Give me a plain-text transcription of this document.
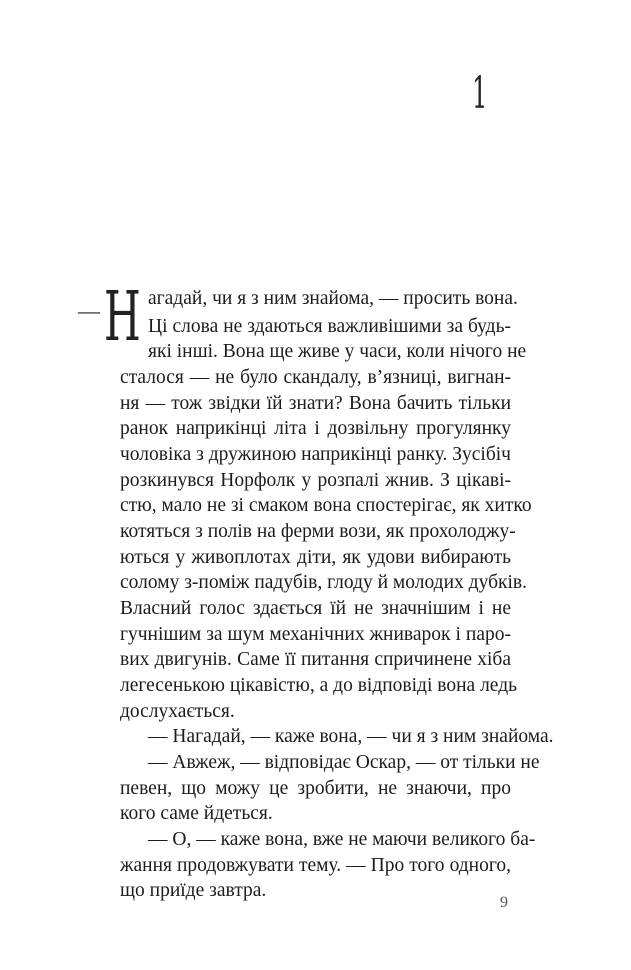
1
— Н агадай, чи я з ним знайома, — просить вона.
Ці слова не здаються важливішими за будь-
які інші. Вона ще живе у часи, коли нічого не
сталося — не було скандалу, в’язниці, вигнан-
ня — тож звідки їй знати? Вона бачить тільки
ранок наприкінці літа і дозвільну прогулянку
чоловіка з дружиною наприкінці ранку. Зусібіч
розкинувся Норфолк у розпалі жнив. З цікаві-
стю, мало не зі смаком вона спостерігає, як хитко
котяться з полів на ферми вози, як прохолоджу-
ються у живоплотах діти, як удови вибирають
солому з-поміж падубів, глоду й молодих дубків.
Власний голос здається їй не значнішим і не
гучнішим за шум механічних жниварок і паро-
вих двигунів. Саме її питання спричинене хіба
легесенькою цікавістю, а до відповіді вона ледь
дослухається.
— Нагадай, — каже вона, — чи я з ним знайома.
— Авжеж, — відповідає Оскар, — от тільки не
певен, що можу це зробити, не знаючи, про
кого саме йдеться.
— О, — каже вона, вже не маючи великого ба-
жання продовжувати тему. — Про того одного,
що приїде завтра.
9
